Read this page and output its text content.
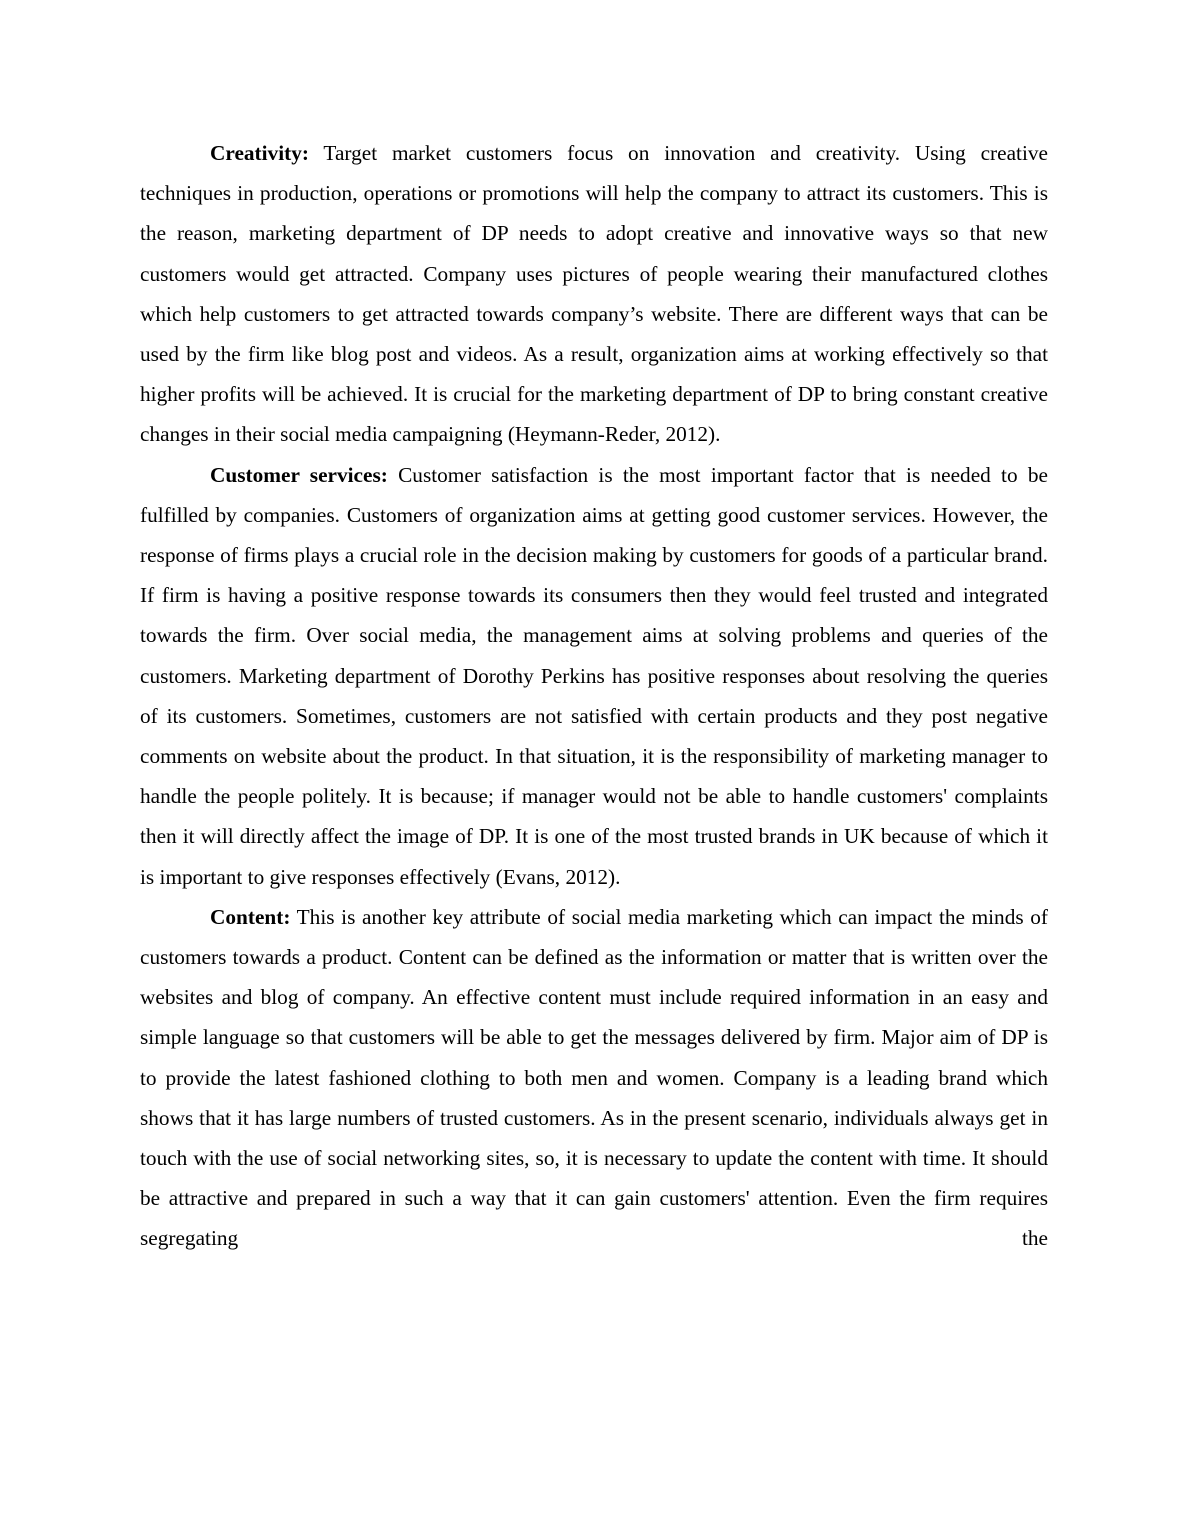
Creativity: Target market customers focus on innovation and creativity. Using creative techniques in production, operations or promotions will help the company to attract its customers. This is the reason, marketing department of DP needs to adopt creative and innovative ways so that new customers would get attracted. Company uses pictures of people wearing their manufactured clothes which help customers to get attracted towards company’s website. There are different ways that can be used by the firm like blog post and videos. As a result, organization aims at working effectively so that higher profits will be achieved. It is crucial for the marketing department of DP to bring constant creative changes in their social media campaigning (Heymann-Reder, 2012).

Customer services: Customer satisfaction is the most important factor that is needed to be fulfilled by companies. Customers of organization aims at getting good customer services. However, the response of firms plays a crucial role in the decision making by customers for goods of a particular brand. If firm is having a positive response towards its consumers then they would feel trusted and integrated towards the firm. Over social media, the management aims at solving problems and queries of the customers. Marketing department of Dorothy Perkins has positive responses about resolving the queries of its customers. Sometimes, customers are not satisfied with certain products and they post negative comments on website about the product. In that situation, it is the responsibility of marketing manager to handle the people politely. It is because; if manager would not be able to handle customers' complaints then it will directly affect the image of DP. It is one of the most trusted brands in UK because of which it is important to give responses effectively (Evans, 2012).

Content: This is another key attribute of social media marketing which can impact the minds of customers towards a product. Content can be defined as the information or matter that is written over the websites and blog of company. An effective content must include required information in an easy and simple language so that customers will be able to get the messages delivered by firm. Major aim of DP is to provide the latest fashioned clothing to both men and women. Company is a leading brand which shows that it has large numbers of trusted customers. As in the present scenario, individuals always get in touch with the use of social networking sites, so, it is necessary to update the content with time. It should be attractive and prepared in such a way that it can gain customers' attention. Even the firm requires segregating the
